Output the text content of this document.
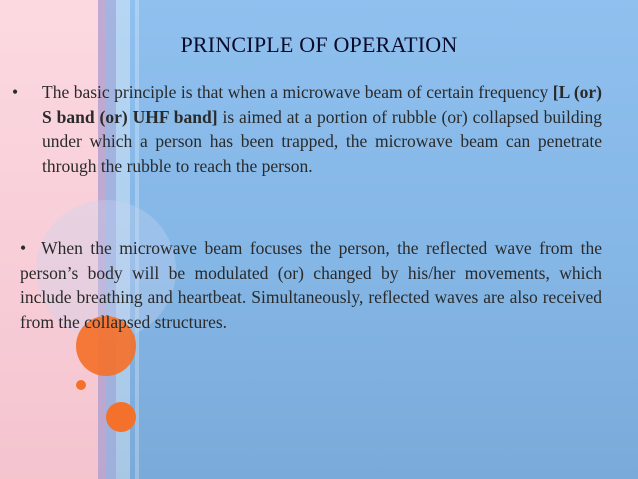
PRINCIPLE OF OPERATION
• The basic principle is that when a microwave beam of certain frequency [L (or) S band (or) UHF band] is aimed at a portion of rubble (or) collapsed building under which a person has been trapped, the microwave beam can penetrate through the rubble to reach the person.
• When the microwave beam focuses the person, the reflected wave from the person’s body will be modulated (or) changed by his/her movements, which include breathing and heartbeat. Simultaneously, reflected waves are also received from the collapsed structures.
